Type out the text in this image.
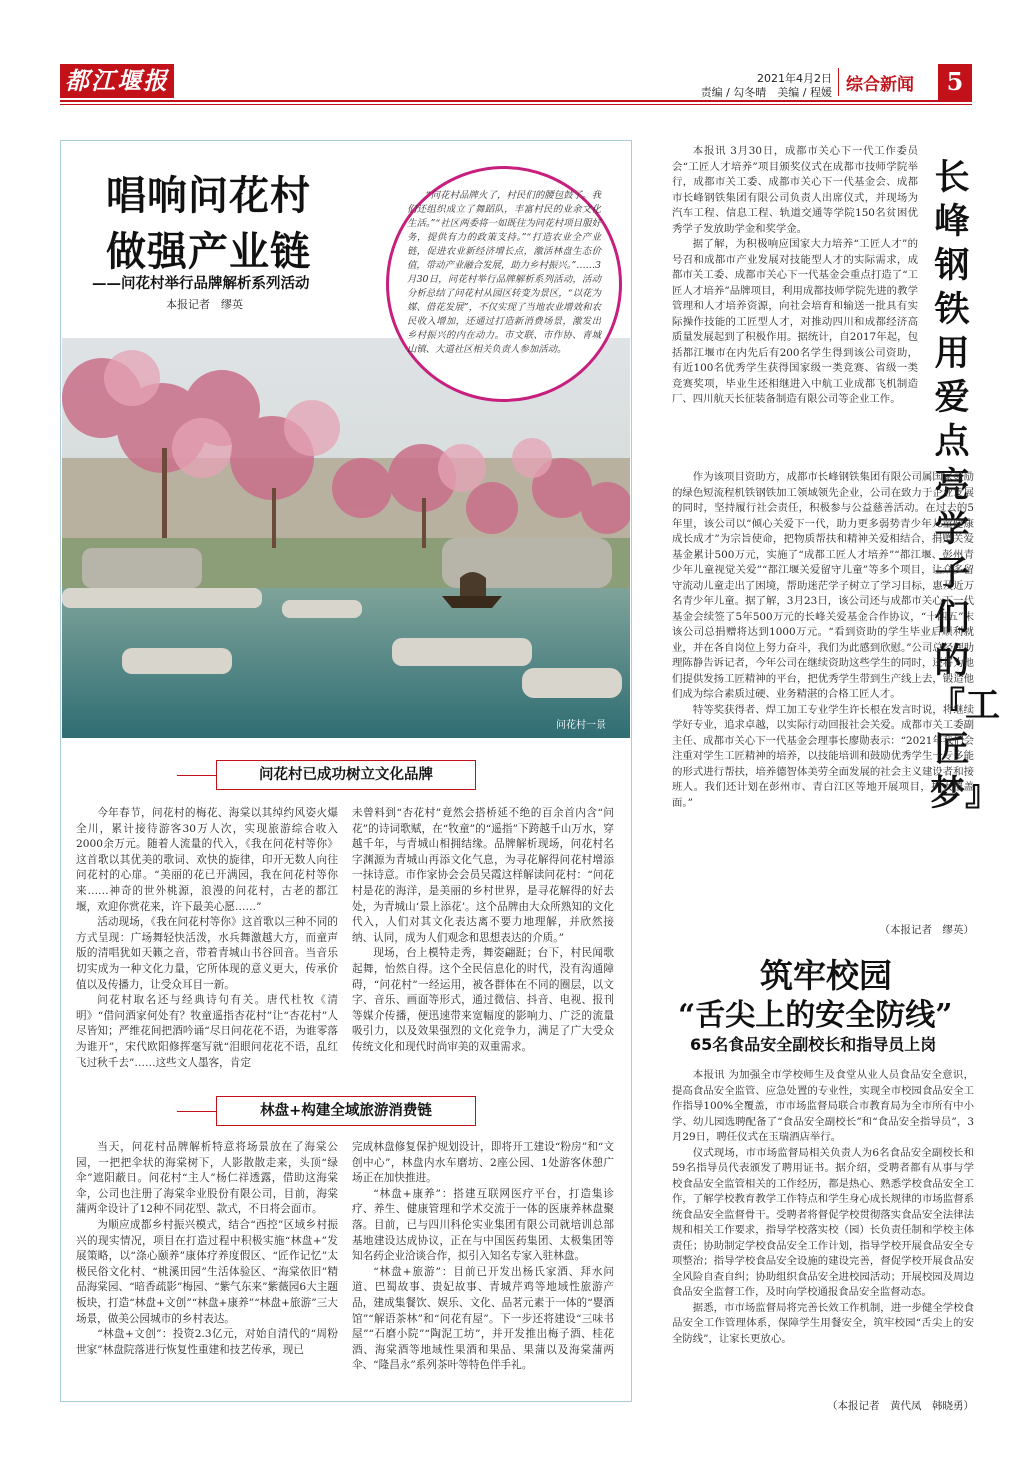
都江堰报	2021年4月2日
责编 / 勾冬晴　美编 / 程媛 综合新闻	5
唱响问花村
做强产业链
——问花村举行品牌解析系列活动
本报记者　缪英
问花村一景

“问花村品牌火了，村民们的腰包鼓了。我们还组织成立了舞蹈队，丰富村民的业余文化生活。”“社区两委将一如既往为问花村项目服好务，提供有力的政策支持。”“打造农业全产业链，促进农业新经济增长点，激活林盘生态价值，带动产业融合发展，助力乡村振兴。”……3月30日，问花村举行品牌解析系列活动，活动分析总结了问花村从园区转变为景区，“以花为媒、借花发展”，不仅实现了当地农业增效和农民收入增加，还通过打造新消费场景，激发出乡村振兴的内在动力。市文联、市作协、青城山镇、大道社区相关负责人参加活动。

问花村已成功树立文化品牌

今年春节，问花村的梅花、海棠以其绰约风姿火爆全川，累计接待游客30万人次，实现旅游综合收入2000余万元。随着人流量的代入，《我在问花村等你》这首歌以其优美的歌词、欢快的旋律，印开无数人向往问花村的心扉。“美丽的花已开满园，我在问花村等你来……神奇的世外桃源，浪漫的问花村，古老的都江堰，欢迎你赏花来，许下最美心愿……”

活动现场，《我在问花村等你》这首歌以三种不同的方式呈现：广场舞轻快活泼，水兵舞激越大方，而童声版的清唱犹如天籁之音，带着青城山书谷回音。当音乐切实成为一种文化力量，它所体现的意义更大，传承价值以及传播力，让受众耳目一新。

问花村取名还与经典诗句有关。唐代杜牧《清明》“借问酒家何处有？牧童遥指杏花村”让“杏花村”人尽皆知；严维花间把酒吟诵“尽日问花花不语，为谁零落为谁开”，宋代欧阳修挥毫写就“泪眼问花花不语，乱红飞过秋千去”……这些文人墨客，肯定

未曾料到“杏花村”竟然会搭桥延不绝的百余首内含“问花”的诗词歌赋，在“牧童”的“遥指”下跨越千山万水，穿越千年，与青城山相拥结缘。品牌解析现场，问花村名字渊源为青城山再添文化气息，为寻花解得问花村增添一抹诗意。市作家协会会员吴霞这样解读问花村：“问花村是花的海洋，是美丽的乡村世界，是寻花解得的好去处，为青城山‘景上添花’。这个品牌由大众所熟知的文化代入，人们对其文化表达离不要力地理解，并欣然接纳、认同，成为人们观念和思想表达的介质。”

现场，台上模特走秀，舞姿翩跹；台下，村民闻歌起舞，怡然自得。这个全民信息化的时代，没有沟通障碍，“问花村”一经运用，被各群体在不同的圈层，以文字、音乐、画面等形式，通过微信、抖音、电视、报刊等媒介传播，便迅速带来宽幅度的影响力、广泛的流量吸引力，以及效果强烈的文化竞争力，满足了广大受众传统文化和现代时尚审美的双重需求。

林盘+构建全域旅游消费链

当天，问花村品牌解析特意将场景放在了海棠公园，一把把伞状的海棠树下，人影散散走来，头顶“绿伞”遮阳蔽日。问花村“主人”杨仁祥透露，借助这海棠伞，公司也注册了海棠伞业股份有限公司，目前，海棠蒲两伞设计了12种不同花型、款式，不日将会面市。

为顺应成都乡村振兴模式，结合“西控”区域乡村振兴的现实情况，项目在打造过程中积极实施“林盘+”发展策略，以“涤心颐养”康体疗养度假区、“匠作记忆”太极民俗文化村、“桃溪田园”生活体验区、“海棠依旧”精品海棠园、“暗香疏影”梅园、“紫气东来”紫薇园6大主题板块，打造“林盘+文创”“林盘+康养”“林盘+旅游”三大场景，做美公园城市的乡村表达。

“林盘+文创”：投资2.3亿元，对始自清代的“周粉世家”林盘院落进行恢复性重建和技艺传承，现已

完成林盘修复保护规划设计，即将开工建设“粉房”和“文创中心”，林盘内水车磨坊、2座公园、1处游客休憩广场正在加快推进。

“林盘+康养”：搭建互联网医疗平台，打造集诊疗、养生、健康管理和学术交流于一体的医康养林盘聚落。目前，已与四川科伦实业集团有限公司就培训总部基地建设达成协议，正在与中国医药集团、太极集团等知名药企业洽谈合作，拟引入知名专家入驻林盘。

“林盘+旅游”：目前已开发出杨氏家酒、拜水问道、巴蜀故事、贵妃故事、青城芹鸡等地域性旅游产品，建成集餐饮、娱乐、文化、品茗元素于一体的“婴酒馆”“解语茶林”和“问花有屋”。下一步还将建设“三味书屋”“石磨小院”“陶泥工坊”，并开发推出梅子酒、桂花酒、海棠酒等地域性果酒和果品、果蒲以及海棠蒲两伞、“隆昌永”系列茶叶等特色伴手礼。

长峰钢铁用爱点亮学子们的『工匠梦』

本报讯 3月30日，成都市关心下一代工作委员会“工匠人才培养”项目颁奖仪式在成都市技师学院举行，成都市关工委、成都市关心下一代基金会、成都市长峰钢铁集团有限公司负责人出席仪式，并现场为汽车工程、信息工程、轨道交通等学院150名贫困优秀学子发放助学金和奖学金。

据了解，为积极响应国家大力培养“工匠人才”的号召和成都市产业发展对技能型人才的实际需求，成都市关工委、成都市关心下一代基金会重点打造了“工匠人才培养”品牌项目，利用成都技师学院先进的教学管理和人才培养资源，向社会培育和输送一批具有实际操作技能的工匠型人才，对推动四川和成都经济高质量发展起到了积极作用。据统计，自2017年起，包括都江堰市在内先后有200名学生得到该公司资助，有近100名优秀学生获得国家级一类竞赛、省级一类竞赛奖项，毕业生还相继进入中航工业成都飞机制造厂、四川航天长征装备制造有限公司等企业工作。

作为该项目资助方，成都市长峰钢铁集团有限公司属国家鼓励的绿色短流程机铁钢铁加工领域领先企业，公司在致力于企业发展的同时，坚持履行社会责任，积极参与公益慈善活动。在过去的5年里，该公司以“倾心关爱下一代，助力更多弱势青少年儿童健康成长成才”为宗旨使命，把物质帮扶和精神关爱相结合，捐赠关爱基金累计500万元，实施了“成都工匠人才培养”“都江堰、彭州青少年儿童视觉关爱”“都江堰关爱留守儿童”等多个项目，让众多留守流动儿童走出了困境，帮助迷茫学子树立了学习目标，惠及近万名青少年儿童。据了解，3月23日，该公司还与成都市关心下一代基金会续签了5年500万元的长峰关爱基金合作协议，“十四五”末该公司总捐赠将达到1000万元。“看到资助的学生毕业后顺利就业，并在各自岗位上努力奋斗，我们为此感到欣慰。”公司总经理助理陈静告诉记者，今年公司在继续资助这些学生的同时，还将为他们提供发扬工匠精神的平台，把优秀学生带到生产线上去，锻造他们成为综合素质过硬、业务精湛的合格工匠人才。

特等奖获得者、焊工加工专业学生许长根在发言时说，将继续学好专业，追求卓越，以实际行动回报社会关爱。成都市关工委副主任、成都市关心下一代基金会理事长廖勋表示：“2021年我们会注重对学生工匠精神的培养，以技能培训和鼓励优秀学生一专多能的形式进行帮扶，培养德智体美劳全面发展的社会主义建设者和接班人。我们还计划在彭州市、青白江区等地开展项目，扩大覆盖面。”

（本报记者　缪英）
筑牢校园
“舌尖上的安全防线”
65名食品安全副校长和指导员上岗

本报讯 为加强全市学校师生及食堂从业人员食品安全意识，提高食品安全监管、应急处置的专业性，实现全市校园食品安全工作指导100%全覆盖，市市场监督局联合市教育局为全市所有中小学、幼儿园选聘配备了“食品安全副校长”和“食品安全指导员”，3月29日，聘任仪式在玉瑞酒店举行。

仪式现场，市市场监督局相关负责人为6名食品安全副校长和59名指导员代表颁发了聘用证书。据介绍，受聘者都有从事与学校食品安全监管相关的工作经历，都是热心、熟悉学校食品安全工作，了解学校教育教学工作特点和学生身心成长规律的市场监督系统食品安全监督骨干。受聘者将督促学校贯彻落实食品安全法律法规和相关工作要求，指导学校落实校（园）长负责任制和学校主体责任；协助制定学校食品安全工作计划，指导学校开展食品安全专项整治；指导学校食品安全设施的建设完善，督促学校开展食品安全风险自查自纠；协助组织食品安全进校园活动；开展校园及周边食品安全监督工作，及时向学校通报食品安全监督动态。

据悉，市市场监督局将完善长效工作机制，进一步健全学校食品安全工作管理体系，保障学生用餐安全，筑牢校园“舌尖上的安全防线”，让家长更放心。

（本报记者　黄代凤　韩晓勇）
